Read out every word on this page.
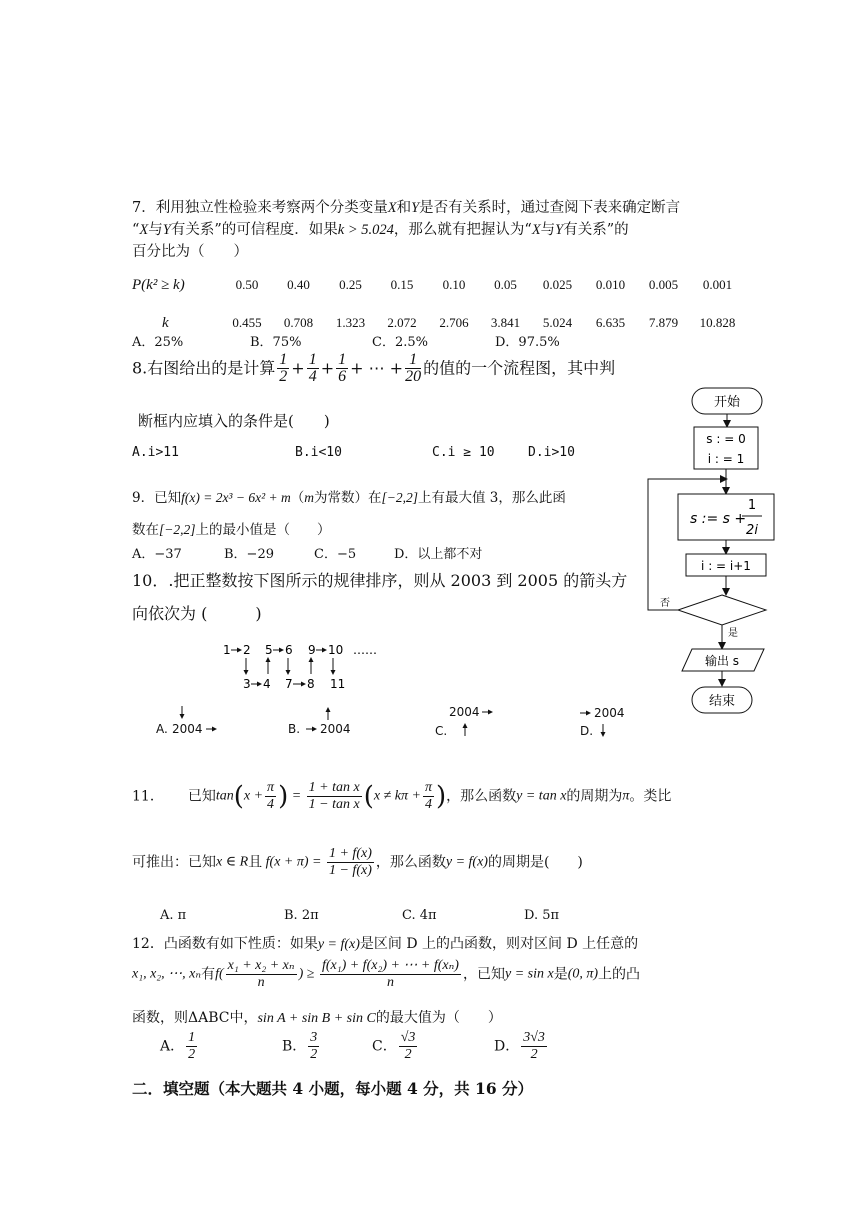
7．利用独立性检验来考察两个分类变量X和Y是否有关系时，通过查阅下表来确定断言
“X与Y有关系”的可信程度．如果k > 5.024，那么就有把握认为“X与Y有关系”的
百分比为（　　）
P(k² ≥ k)	0.50	0.40	0.25	0.15	0.10	0.05	0.025	0.010	0.005	0.001

k	0.455	0.708	1.323	2.072	2.706	3.841	5.024	6.635	7.879	10.828
A．25%	B．75%	C．2.5%	D．97.5%
8.右图给出的是计算 $\frac{1}{2} + \frac{1}{4} + \frac{1}{6}$ + ⋯ + $\frac{1}{20}$ 的值的一个流程图，其中判
断框内应填入的条件是(　　)
A.i>11	B.i<10	C.i ≥ 10	D.i>10
开始
s : = 0
i : = 1
s := s +
1
2i
i : = i+1
否
是
输出 s
结束
9．已知f(x) = 2x³ − 6x² + m（m为常数）在[−2,2]上有最大值 3，那么此函
数在[−2,2]上的最小值是（　　）
A．−37	B．−29	C．−5	D．以上都不对
10．.把正整数按下图所示的规律排序，则从 2003 到 2005 的箭头方
向依次为 (　　　)
1 2 5 6 9 10 ……
3 4 7 8 11
A. 2004	B. 2004	C.
2004
D.
2004
11． 已知$\tan(x + \frac{\pi}{4}$ ) = $\frac{\text{1 + tan x}}{\text{1 − tan x}} (x \ne k\pi + \frac{\pi}{4}$ )，那么函数y = tan x的周期为π。类比
可推出：已知x ∈ R且 $f(x + \pi) = \frac{1 + f(x)}{1 - f(x)}$ ，那么函数y = f(x)的周期是(　　)
A. π	B. 2π	C. 4π	D. 5π
12．凸函数有如下性质：如果y = f(x)是区间 D 上的凸函数，则对区间 D 上任意的
x₁, x₂, ⋯, xₙ有$f( \frac{\text{x₁ + x₂ + xₙ}}{n}$ ) ≥ $\frac{\text{f(x₁) + f(x₂) + ⋯ + f(xₙ)}}{n}$ ，已知y = sin x是(0, π)上的凸
函数，则ΔABC中，sin A + sin B + sin C的最大值为（　　）
A． $\frac{1}{2}$	B． $\frac{3}{2}$	C． $\frac{√3}{2}$	D． $\frac{3√3}{2}$
二．填空题（本大题共 4 小题，每小题 4 分，共 16 分）
